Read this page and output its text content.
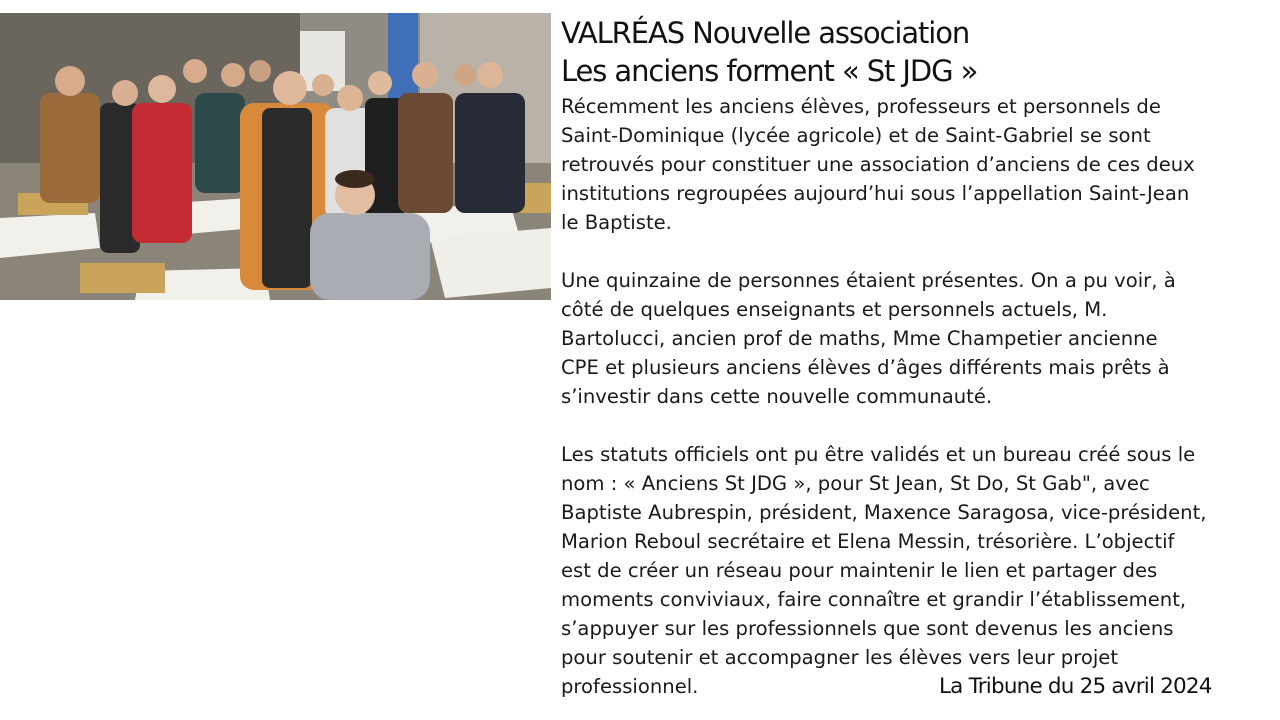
VALRÉAS Nouvelle association
Les anciens forment « St JDG »

Récemment les anciens élèves, professeurs et personnels de
Saint-Dominique (lycée agricole) et de Saint-Gabriel se sont
retrouvés pour constituer une association d’anciens de ces deux
institutions regroupées aujourd’hui sous l’appellation Saint-Jean
le Baptiste.

Une quinzaine de personnes étaient présentes. On a pu voir, à
côté de quelques enseignants et personnels actuels, M.
Bartolucci, ancien prof de maths, Mme Champetier ancienne
CPE et plusieurs anciens élèves d’âges différents mais prêts à
s’investir dans cette nouvelle communauté.

Les statuts officiels ont pu être validés et un bureau créé sous le
nom : « Anciens St JDG », pour St Jean, St Do, St Gab", avec
Baptiste Aubrespin, président, Maxence Saragosa, vice-président,
Marion Reboul secrétaire et Elena Messin, trésorière. L’objectif
est de créer un réseau pour maintenir le lien et partager des
moments conviviaux, faire connaître et grandir l’établissement,
s’appuyer sur les professionnels que sont devenus les anciens
pour soutenir et accompagner les élèves vers leur projet
professionnel.	La Tribune du 25 avril 2024
